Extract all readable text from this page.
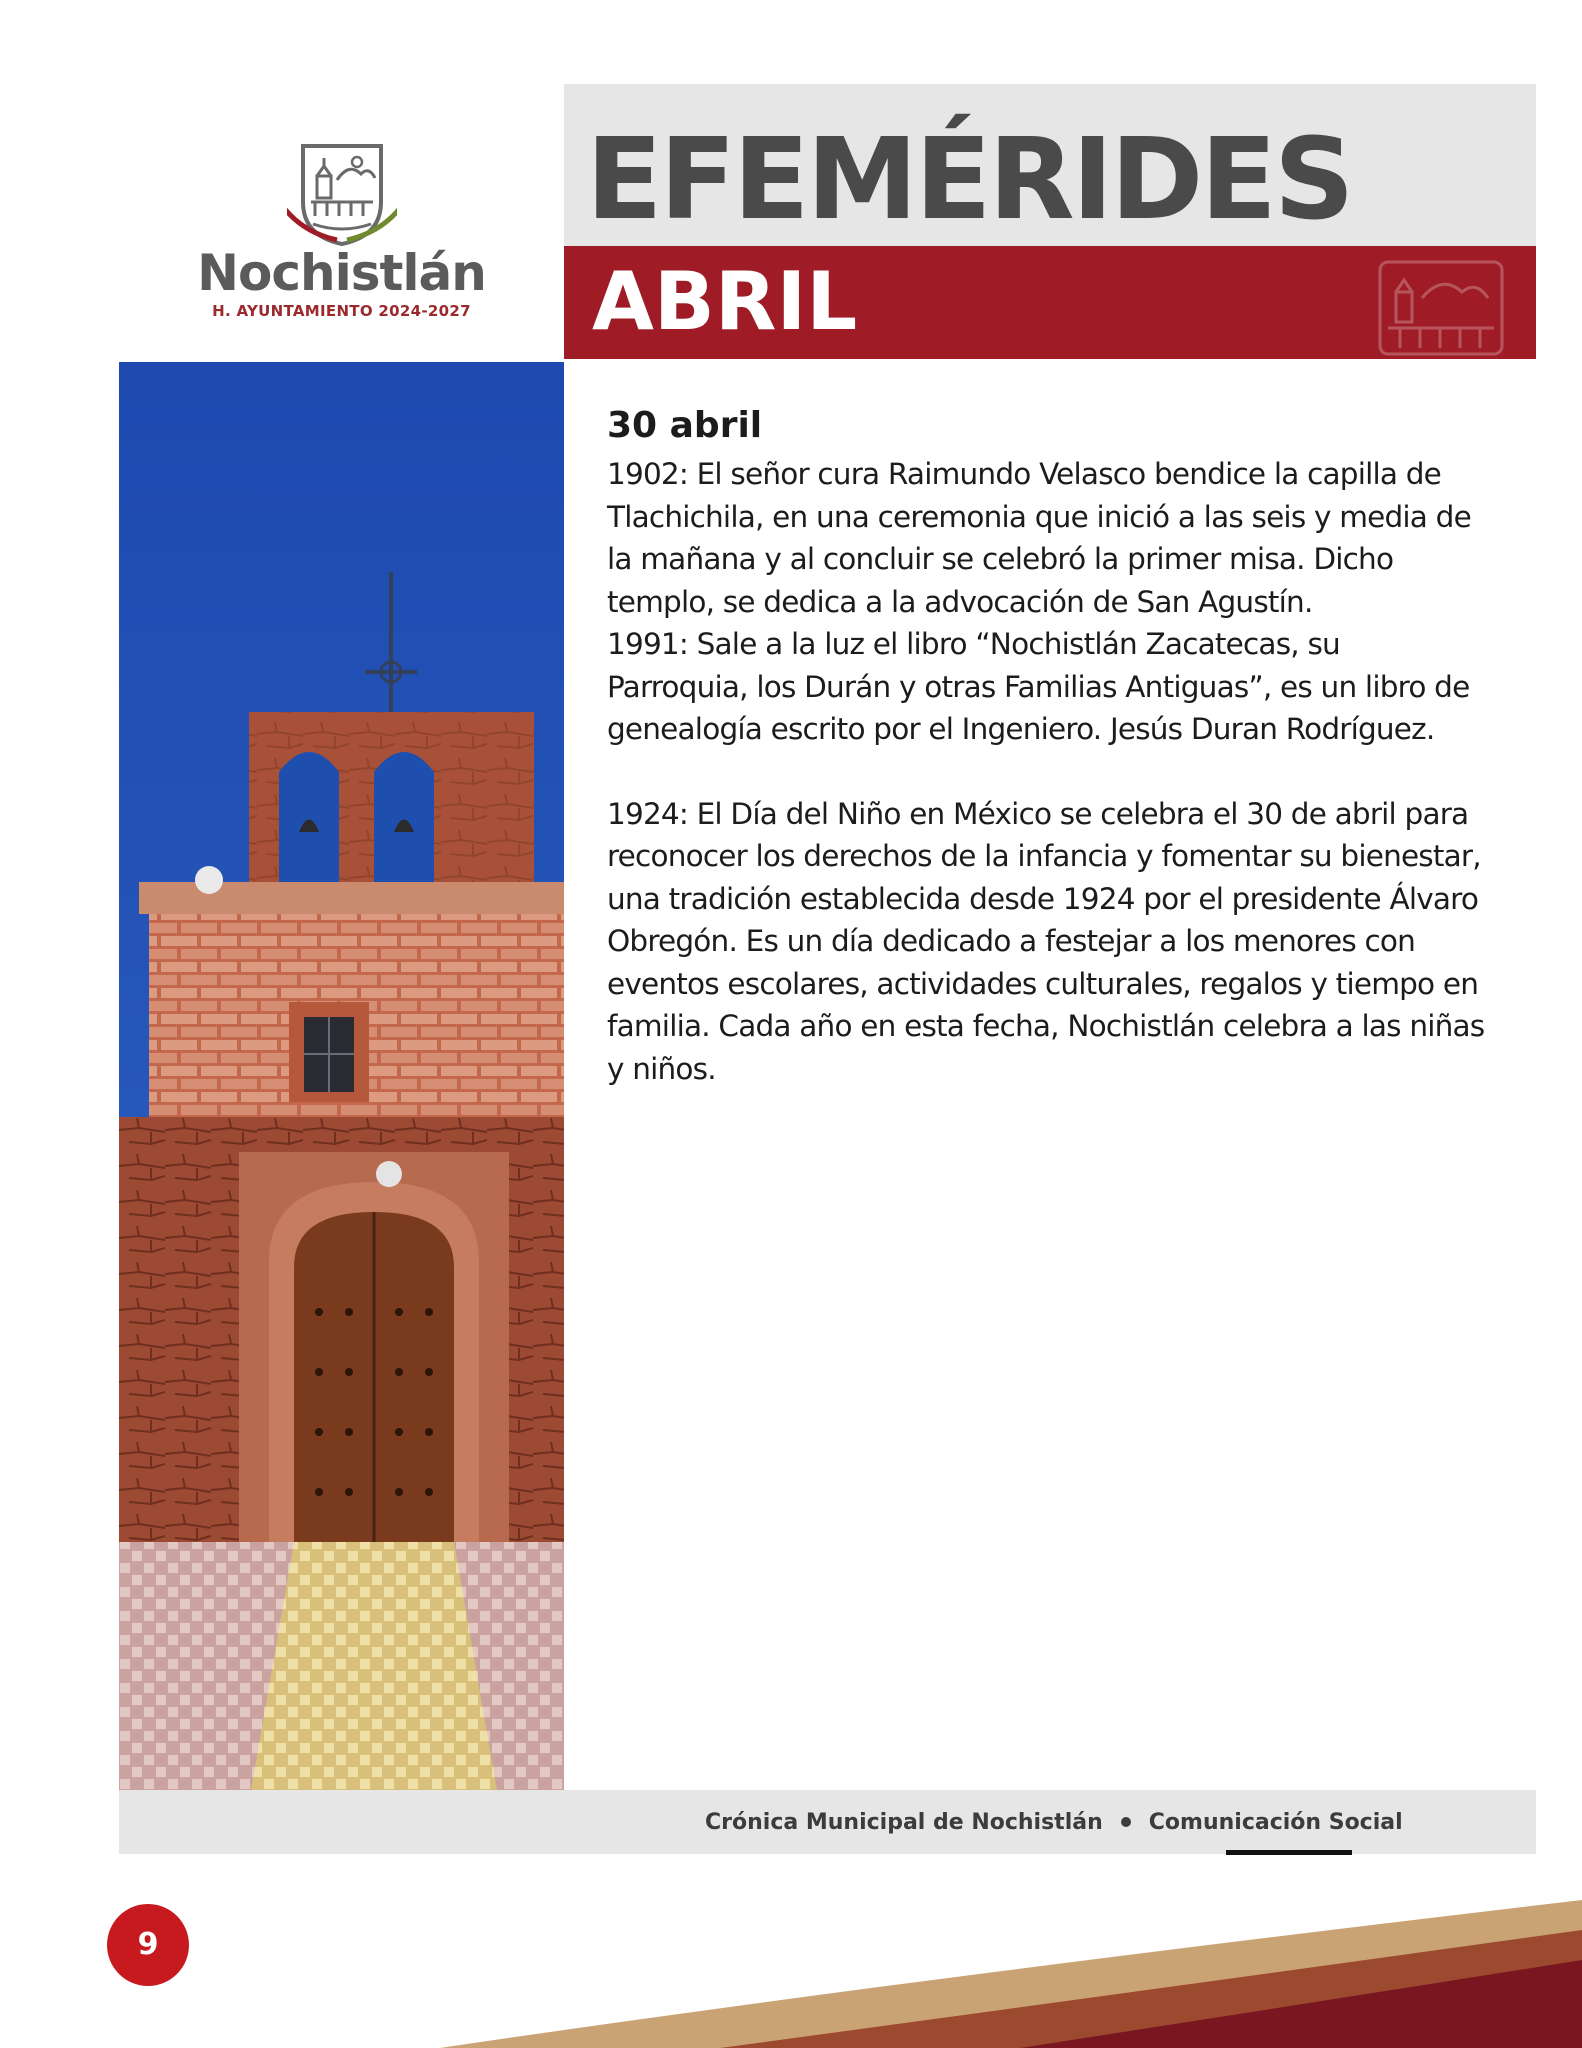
Nochistlán
H. AYUNTAMIENTO 2024-2027
EFEMÉRIDES
ABRIL
30 abril

1902: El señor cura Raimundo Velasco bendice la capilla de Tlachichila, en una ceremonia que inició a las seis y media de la mañana y al concluir se celebró la primer misa. Dicho templo, se dedica a la advocación de San Agustín.

1991: Sale a la luz el libro “Nochistlán Zacatecas, su Parroquia, los Durán y otras Familias Antiguas”, es un libro de genealogía escrito por el Ingeniero. Jesús Duran Rodríguez.

1924: El Día del Niño en México se celebra el 30 de abril para reconocer los derechos de la infancia y fomentar su bienestar, una tradición establecida desde 1924 por el presidente Álvaro Obregón. Es un día dedicado a festejar a los menores con eventos escolares, actividades culturales, regalos y tiempo en familia. Cada año en esta fecha, Nochistlán celebra a las niñas y niños.

Crónica Municipal de Nochistlán Comunicación Social
9
